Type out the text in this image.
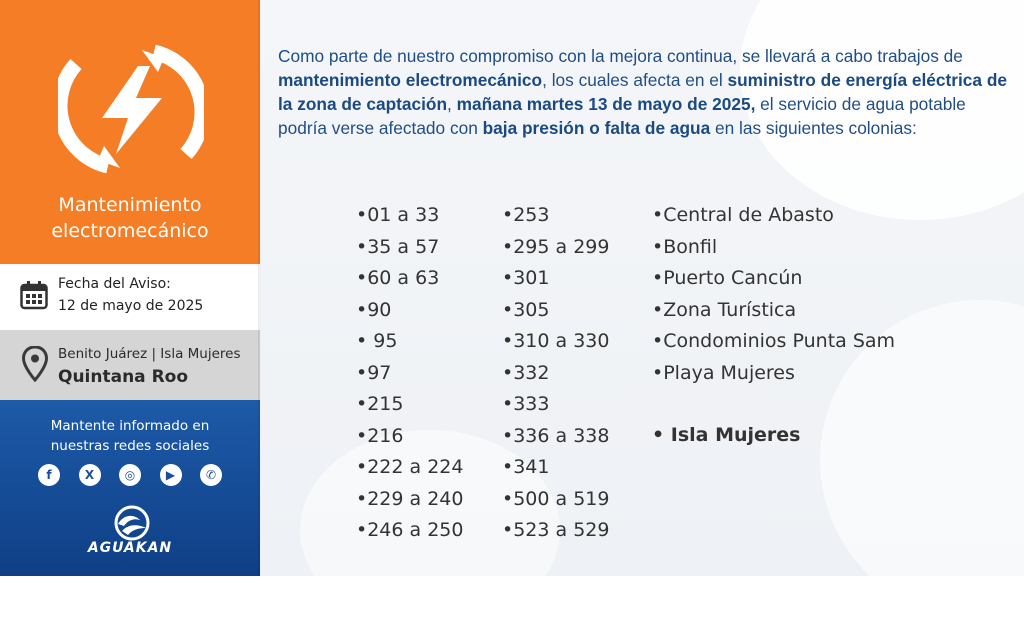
Mantenimiento
electromecánico
Fecha del Aviso:
12 de mayo de 2025
Benito Juárez | Isla Mujeres
Quintana Roo
Mantente informado en
nuestras redes sociales
f	X	◎	▶	✆
AGUAKAN
Como parte de nuestro compromiso con la mejora continua, se llevará a cabo trabajos de mantenimiento electromecánico, los cuales afecta en el suministro de energía eléctrica de la zona de captación, mañana martes 13 de mayo de 2025, el servicio de agua potable podría verse afectado con baja presión o falta de agua en las siguientes colonias:
•01 a 33
•35 a 57
•60 a 63
•90
• 95
•97
•215
•216
•222 a 224
•229 a 240
•246 a 250
•253
•295 a 299
•301
•305
•310 a 330
•332
•333
•336 a 338
•341
•500 a 519
•523 a 529
•Central de Abasto
•Bonfil
•Puerto Cancún
•Zona Turística
•Condominios Punta Sam
•Playa Mujeres
• Isla Mujeres
